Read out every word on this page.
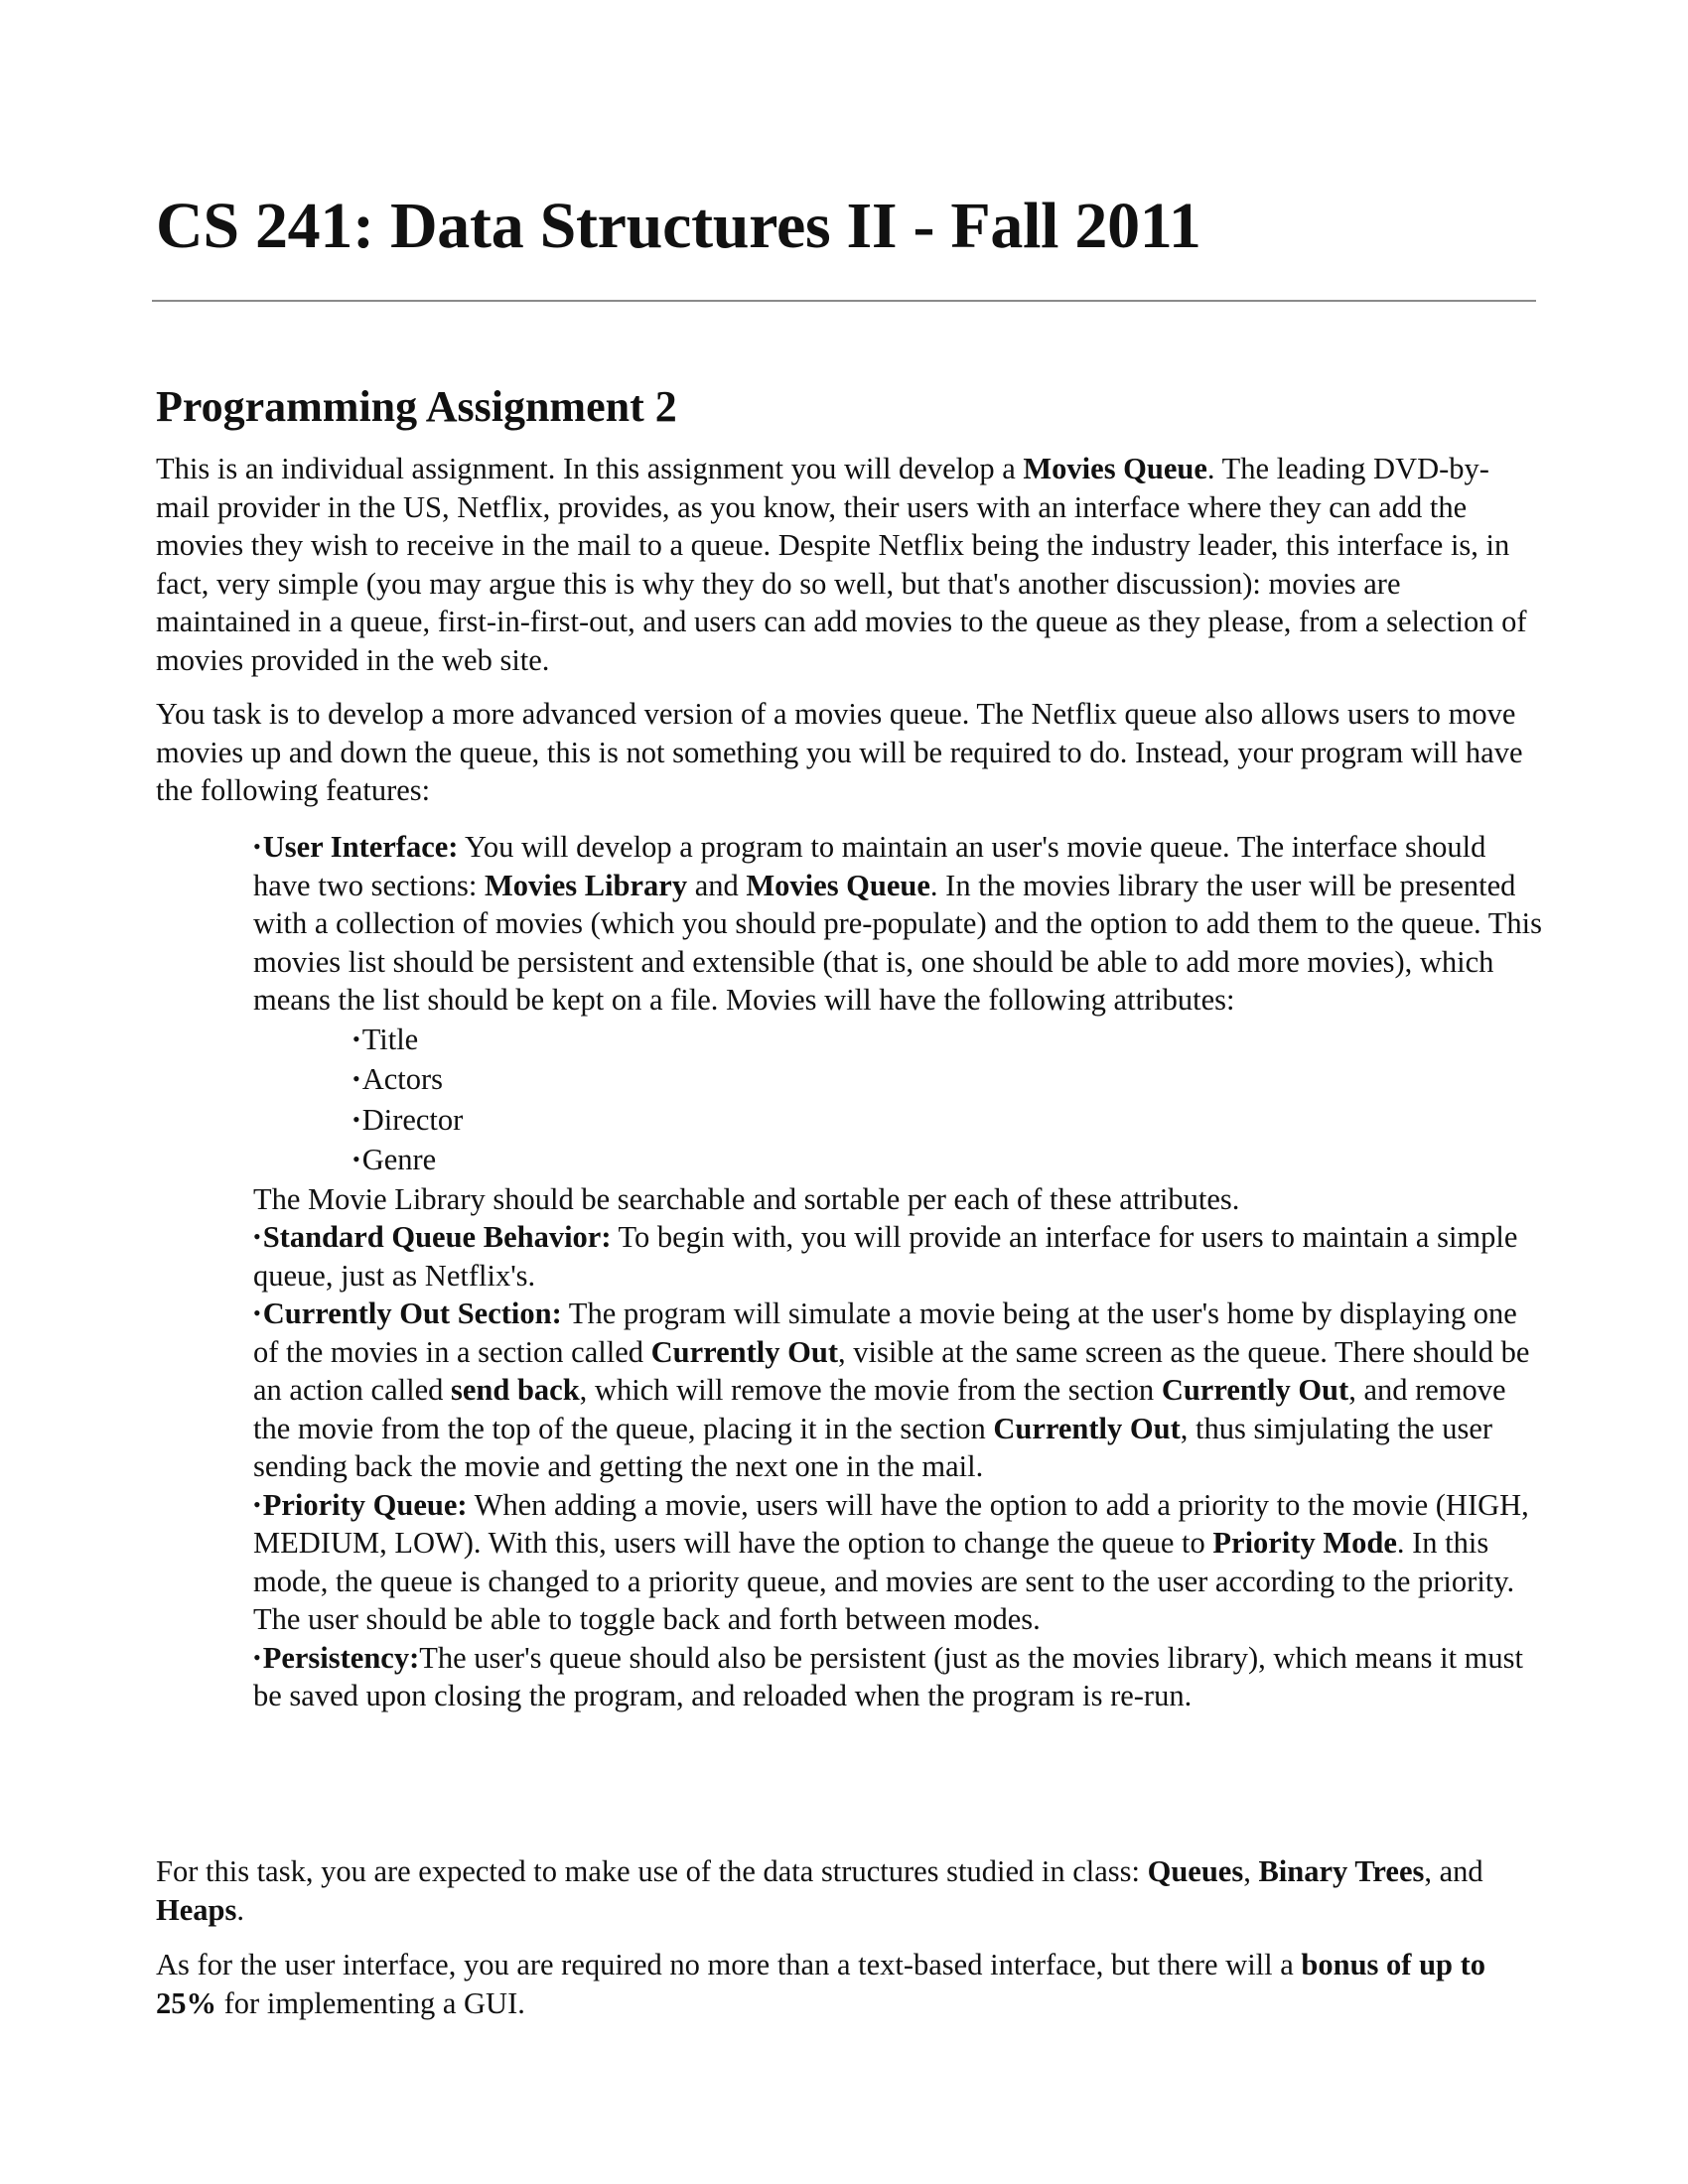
CS 241: Data Structures II - Fall 2011
Programming Assignment 2

This is an individual assignment. In this assignment you will develop a Movies Queue. The leading DVD-by-mail provider in the US, Netflix, provides, as you know, their users with an interface where they can add the movies they wish to receive in the mail to a queue. Despite Netflix being the industry leader, this interface is, in fact, very simple (you may argue this is why they do so well, but that's another discussion): movies are maintained in a queue, first-in-first-out, and users can add movies to the queue as they please, from a selection of movies provided in the web site.

You task is to develop a more advanced version of a movies queue. The Netflix queue also allows users to move movies up and down the queue, this is not something you will be required to do. Instead, your program will have the following features:

•User Interface: You will develop a program to maintain an user's movie queue. The interface should have two sections: Movies Library and Movies Queue. In the movies library the user will be presented with a collection of movies (which you should pre-populate) and the option to add them to the queue. This movies list should be persistent and extensible (that is, one should be able to add more movies), which means the list should be kept on a file. Movies will have the following attributes:

•Title
•Actors
•Director
•Genre

The Movie Library should be searchable and sortable per each of these attributes.

•Standard Queue Behavior: To begin with, you will provide an interface for users to maintain a simple queue, just as Netflix's.

•Currently Out Section: The program will simulate a movie being at the user's home by displaying one of the movies in a section called Currently Out, visible at the same screen as the queue. There should be an action called send back, which will remove the movie from the section Currently Out, and remove the movie from the top of the queue, placing it in the section Currently Out, thus simjulating the user sending back the movie and getting the next one in the mail.

•Priority Queue: When adding a movie, users will have the option to add a priority to the movie (HIGH, MEDIUM, LOW). With this, users will have the option to change the queue to Priority Mode. In this mode, the queue is changed to a priority queue, and movies are sent to the user according to the priority. The user should be able to toggle back and forth between modes.

•Persistency:The user's queue should also be persistent (just as the movies library), which means it must be saved upon closing the program, and reloaded when the program is re-run.

For this task, you are expected to make use of the data structures studied in class: Queues, Binary Trees, and Heaps.

As for the user interface, you are required no more than a text-based interface, but there will a bonus of up to 25% for implementing a GUI.
